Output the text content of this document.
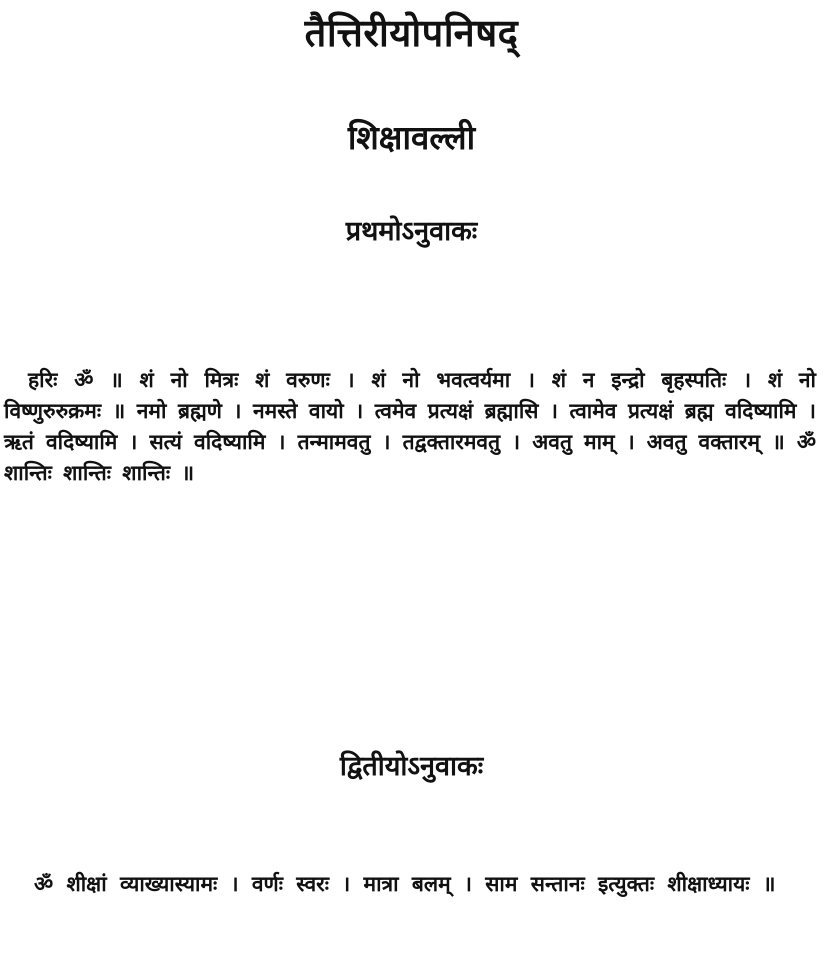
तैत्तिरीयोपनिषद्
शिक्षावल्ली
प्रथमोऽनुवाकः
हरिः ॐ ॥ शं नो मित्रः शं वरुणः । शं नो भवत्वर्यमा । शं न इन्द्रो बृहस्पतिः । शं नो विष्णुरुरुक्रमः ॥ नमो ब्रह्मणे । नमस्ते वायो । त्वमेव प्रत्यक्षं ब्रह्मासि । त्वामेव प्रत्यक्षं ब्रह्म वदिष्यामि । ऋतं वदिष्यामि । सत्यं वदिष्यामि । तन्मामवतु । तद्वक्तारमवतु । अवतु माम् । अवतु वक्तारम् ॥ ॐ शान्तिः शान्तिः शान्तिः ॥
द्वितीयोऽनुवाकः
ॐ शीक्षां व्याख्यास्यामः । वर्णः स्वरः । मात्रा बलम् । साम सन्तानः इत्युक्तः शीक्षाध्यायः ॥
